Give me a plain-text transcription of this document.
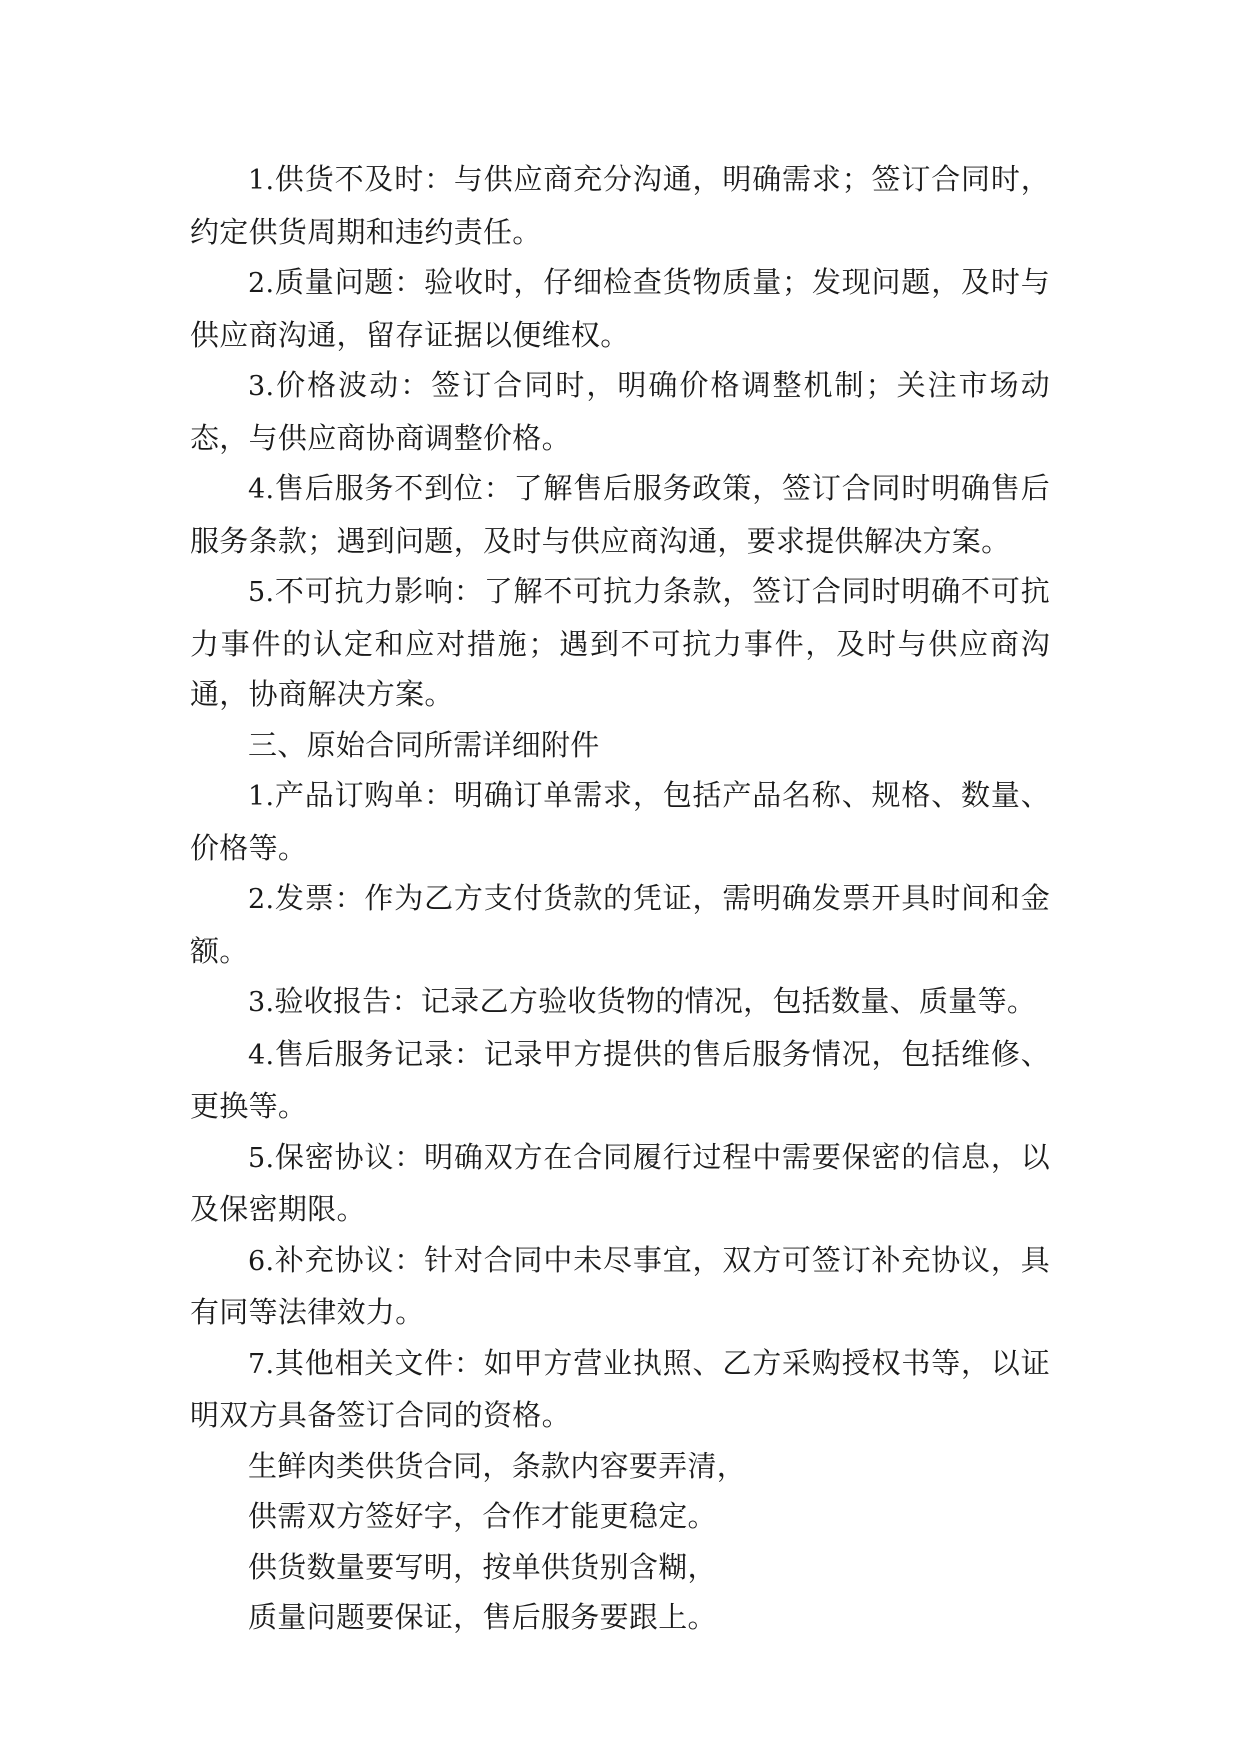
1.供货不及时：与供应商充分沟通，明确需求；签订合同时，约定供货周期和违约责任。

2.质量问题：验收时，仔细检查货物质量；发现问题，及时与供应商沟通，留存证据以便维权。

3.价格波动：签订合同时，明确价格调整机制；关注市场动态，与供应商协商调整价格。

4.售后服务不到位：了解售后服务政策，签订合同时明确售后服务条款；遇到问题，及时与供应商沟通，要求提供解决方案。

5.不可抗力影响：了解不可抗力条款，签订合同时明确不可抗力事件的认定和应对措施；遇到不可抗力事件，及时与供应商沟通，协商解决方案。

三、原始合同所需详细附件

1.产品订购单：明确订单需求，包括产品名称、规格、数量、价格等。

2.发票：作为乙方支付货款的凭证，需明确发票开具时间和金额。

3.验收报告：记录乙方验收货物的情况，包括数量、质量等。

4.售后服务记录：记录甲方提供的售后服务情况，包括维修、更换等。

5.保密协议：明确双方在合同履行过程中需要保密的信息，以及保密期限。

6.补充协议：针对合同中未尽事宜，双方可签订补充协议，具有同等法律效力。

7.其他相关文件：如甲方营业执照、乙方采购授权书等，以证明双方具备签订合同的资格。

生鲜肉类供货合同，条款内容要弄清，

供需双方签好字，合作才能更稳定。

供货数量要写明，按单供货别含糊，

质量问题要保证，售后服务要跟上。
